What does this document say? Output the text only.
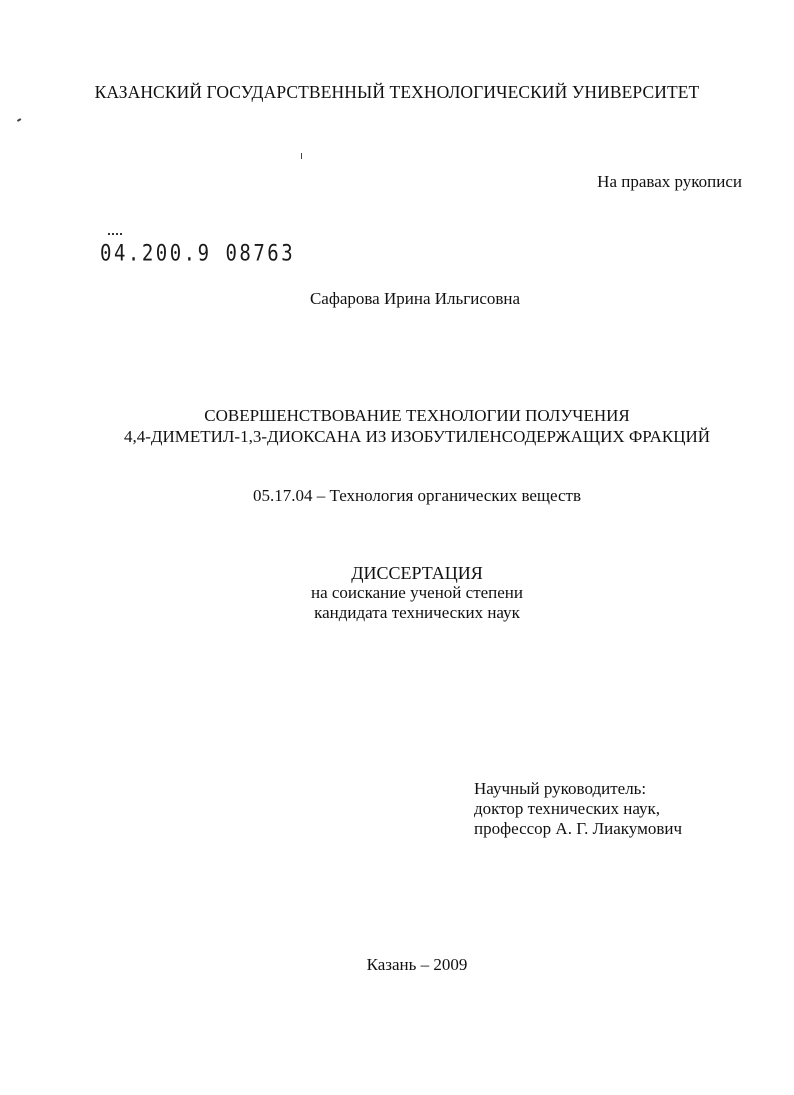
КАЗАНСКИЙ ГОСУДАРСТВЕННЫЙ ТЕХНОЛОГИЧЕСКИЙ УНИВЕРСИТЕТ
На правах рукописи
04.200.9 08763
Сафарова Ирина Ильгисовна
СОВЕРШЕНСТВОВАНИЕ ТЕХНОЛОГИИ ПОЛУЧЕНИЯ
4,4-ДИМЕТИЛ-1,3-ДИОКСАНА ИЗ ИЗОБУТИЛЕНСОДЕРЖАЩИХ ФРАКЦИЙ
05.17.04 – Технология органических веществ
ДИССЕРТАЦИЯ
на соискание ученой степени
кандидата технических наук
Научный руководитель:
доктор технических наук,
профессор А. Г. Лиакумович
Казань – 2009
